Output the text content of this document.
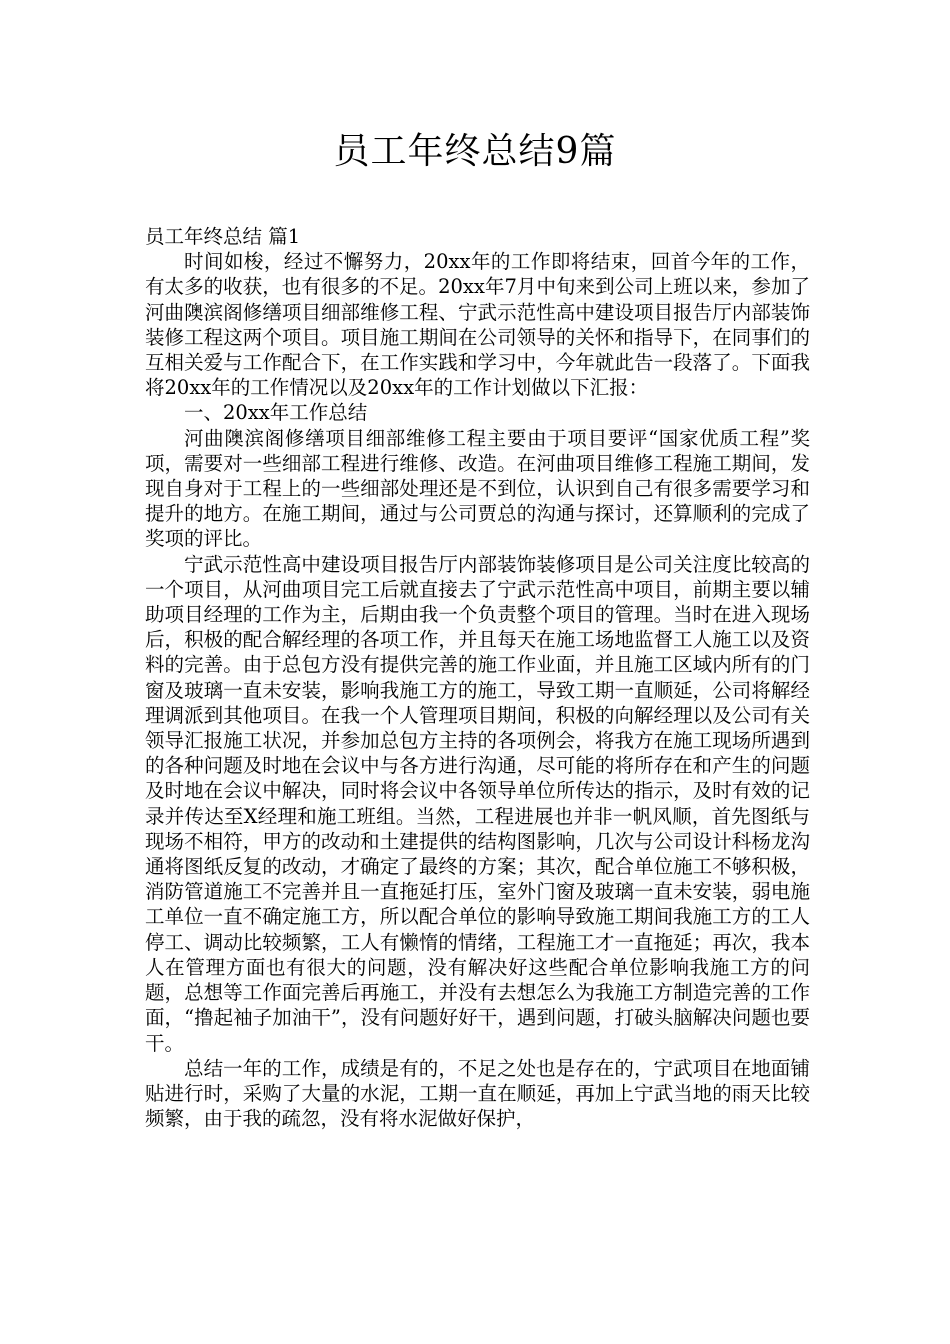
员工年终总结9篇

员工年终总结 篇1

时间如梭，经过不懈努力，20xx年的工作即将结束，回首今年的工作，有太多的收获，也有很多的不足。20xx年7月中旬来到公司上班以来，参加了河曲隩滨阁修缮项目细部维修工程、宁武示范性高中建设项目报告厅内部装饰装修工程这两个项目。项目施工期间在公司领导的关怀和指导下，在同事们的互相关爱与工作配合下，在工作实践和学习中，今年就此告一段落了。下面我将20xx年的工作情况以及20xx年的工作计划做以下汇报：

一、20xx年工作总结

河曲隩滨阁修缮项目细部维修工程主要由于项目要评“国家优质工程”奖项，需要对一些细部工程进行维修、改造。在河曲项目维修工程施工期间，发现自身对于工程上的一些细部处理还是不到位，认识到自己有很多需要学习和提升的地方。在施工期间，通过与公司贾总的沟通与探讨，还算顺利的完成了奖项的评比。

宁武示范性高中建设项目报告厅内部装饰装修项目是公司关注度比较高的一个项目，从河曲项目完工后就直接去了宁武示范性高中项目，前期主要以辅助项目经理的工作为主，后期由我一个负责整个项目的管理。当时在进入现场后，积极的配合解经理的各项工作，并且每天在施工场地监督工人施工以及资料的完善。由于总包方没有提供完善的施工作业面，并且施工区域内所有的门窗及玻璃一直未安装，影响我施工方的施工，导致工期一直顺延，公司将解经理调派到其他项目。在我一个人管理项目期间，积极的向解经理以及公司有关领导汇报施工状况，并参加总包方主持的各项例会，将我方在施工现场所遇到的各种问题及时地在会议中与各方进行沟通，尽可能的将所存在和产生的问题及时地在会议中解决，同时将会议中各领导单位所传达的指示，及时有效的记录并传达至X经理和施工班组。当然，工程进展也并非一帆风顺，首先图纸与现场不相符，甲方的改动和土建提供的结构图影响，几次与公司设计科杨龙沟通将图纸反复的改动，才确定了最终的方案；其次，配合单位施工不够积极，消防管道施工不完善并且一直拖延打压，室外门窗及玻璃一直未安装，弱电施工单位一直不确定施工方，所以配合单位的影响导致施工期间我施工方的工人停工、调动比较频繁，工人有懒惰的情绪，工程施工才一直拖延；再次，我本人在管理方面也有很大的问题，没有解决好这些配合单位影响我施工方的问题，总想等工作面完善后再施工，并没有去想怎么为我施工方制造完善的工作面，“撸起袖子加油干”，没有问题好好干，遇到问题，打破头脑解决问题也要干。

总结一年的工作，成绩是有的，不足之处也是存在的，宁武项目在地面铺贴进行时，采购了大量的水泥，工期一直在顺延，再加上宁武当地的雨天比较频繁，由于我的疏忽，没有将水泥做好保护，
